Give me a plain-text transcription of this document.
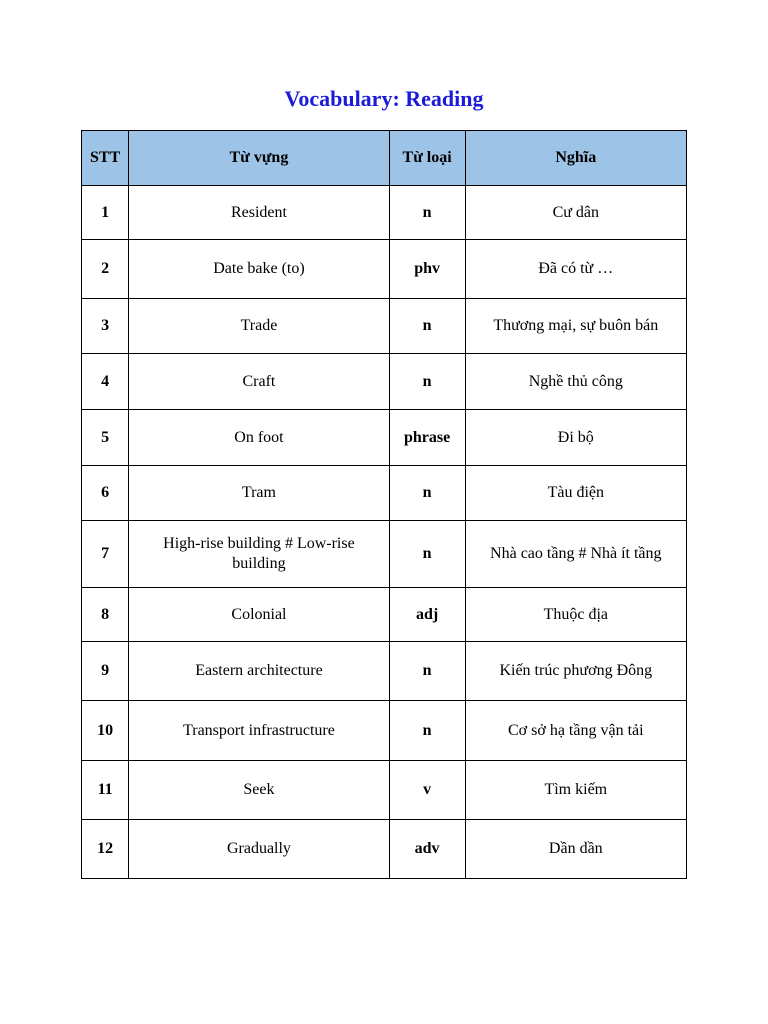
Vocabulary: Reading
STT	Từ vựng	Từ loại	Nghĩa
1	Resident	n	Cư dân
2	Date bake (to)	phv	Đã có từ …
3	Trade	n	Thương mại, sự buôn bán
4	Craft	n	Nghề thủ công
5	On foot	phrase	Đi bộ
6	Tram	n	Tàu điện
7	High-rise building # Low-rise building	n	Nhà cao tầng # Nhà ít tầng
8	Colonial	adj	Thuộc địa
9	Eastern architecture	n	Kiến trúc phương Đông
10	Transport infrastructure	n	Cơ sở hạ tầng vận tải
11	Seek	v	Tìm kiếm
12	Gradually	adv	Dần dần
